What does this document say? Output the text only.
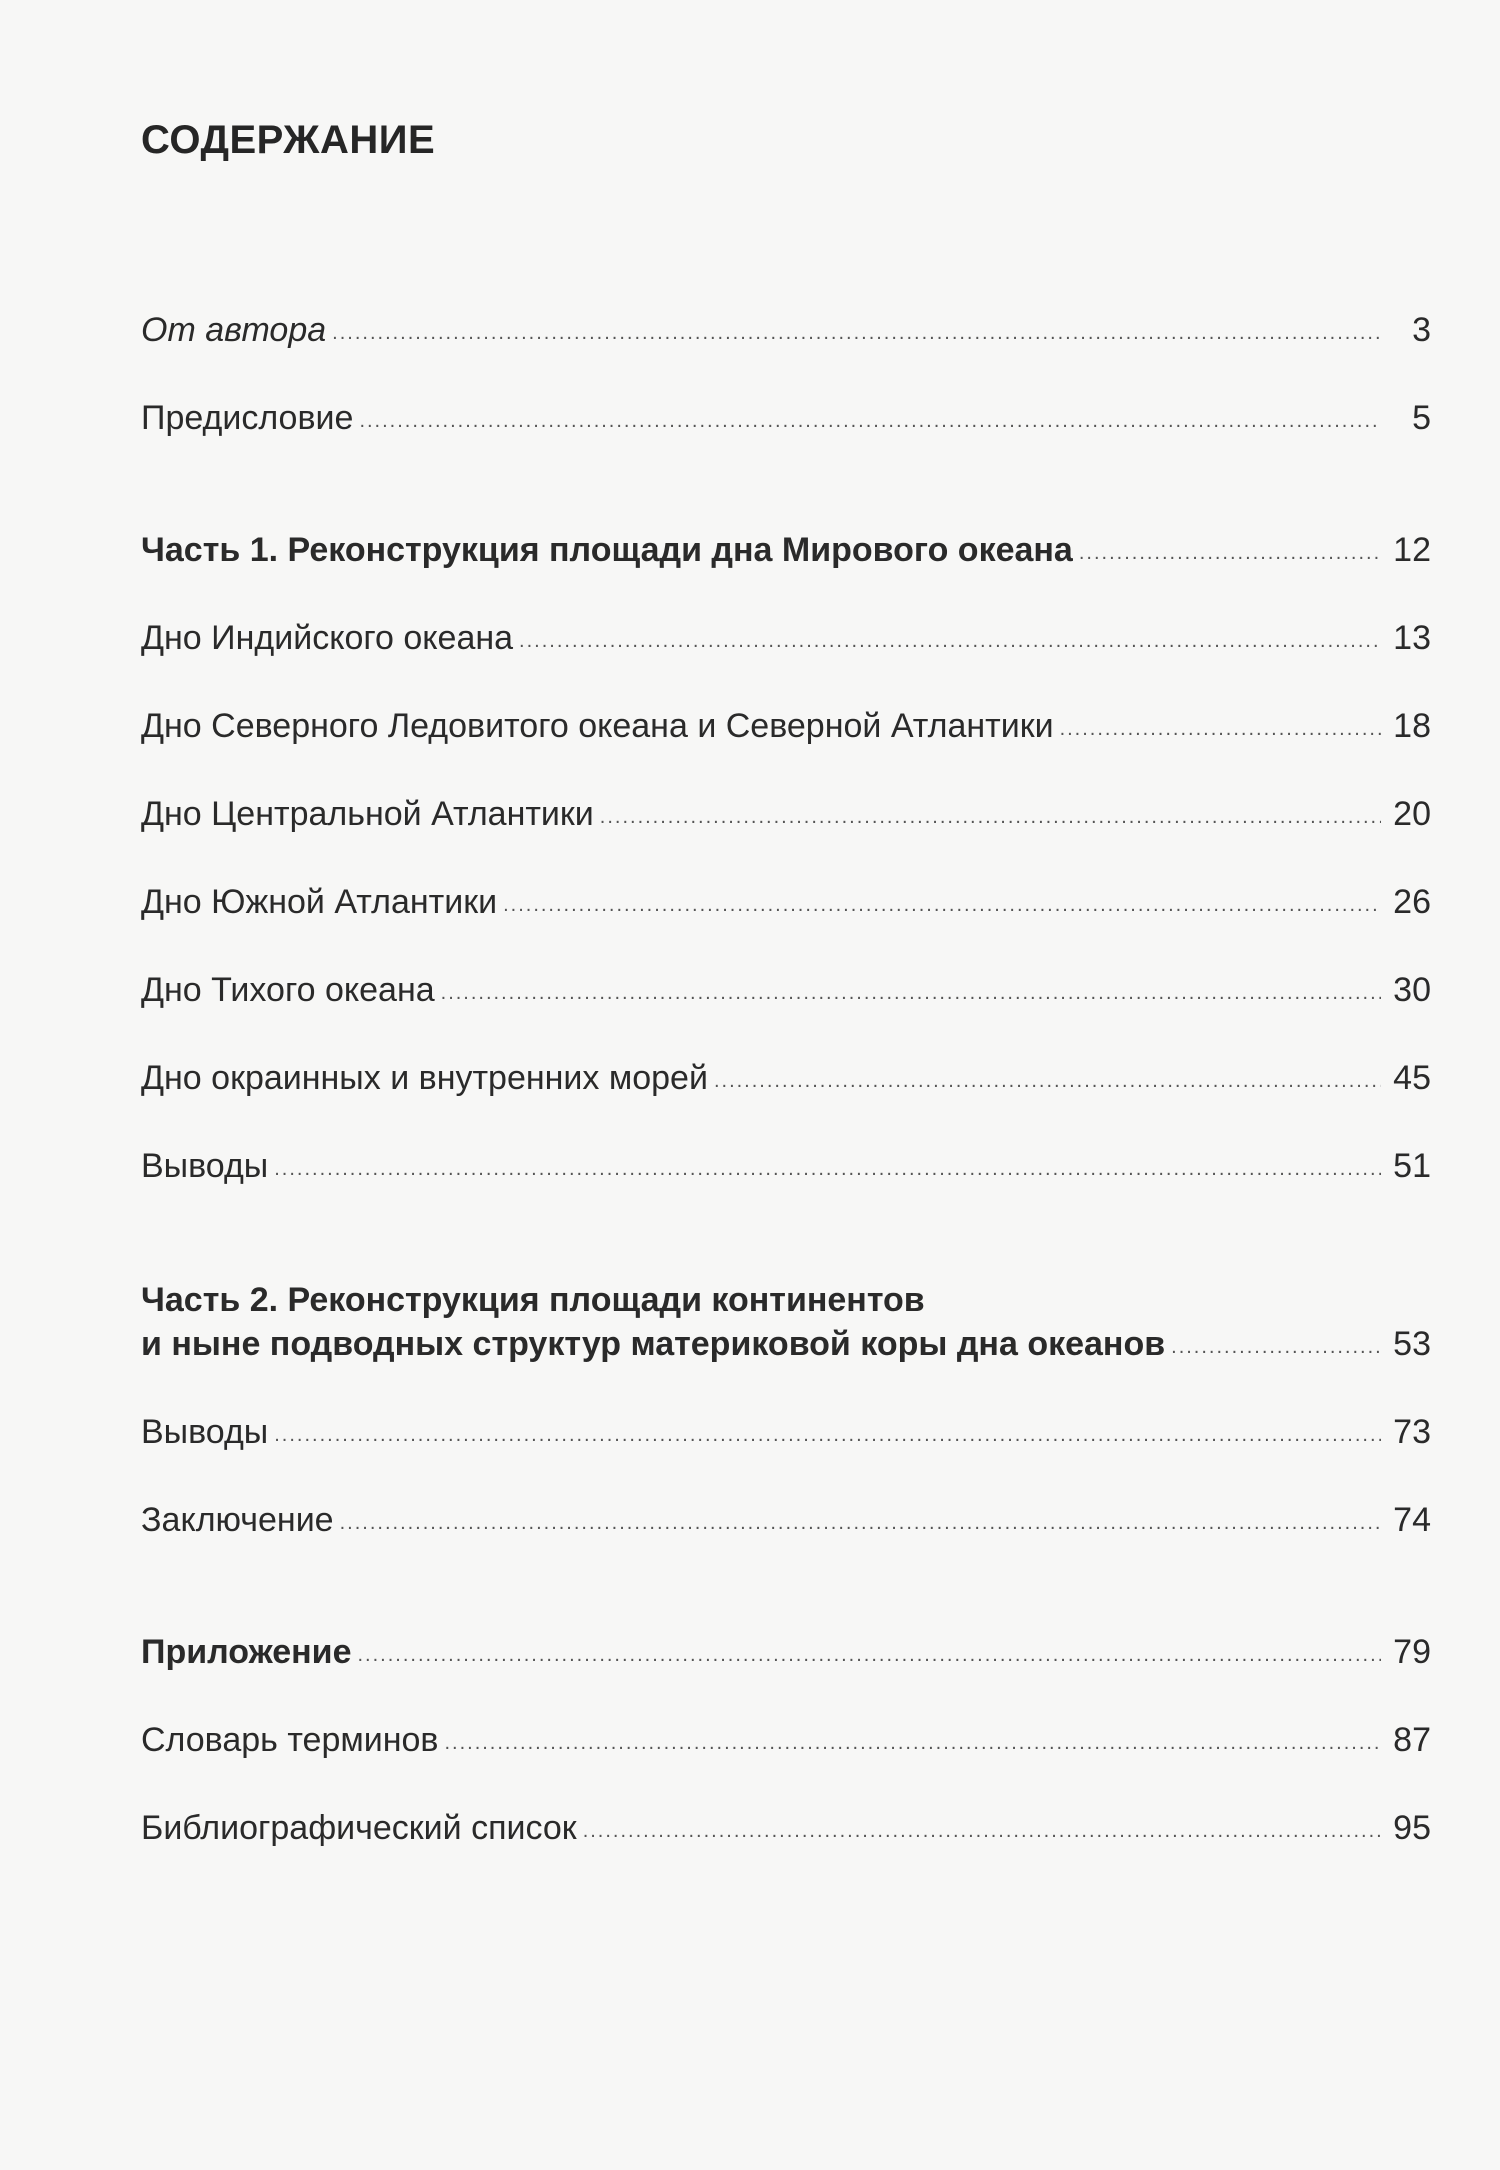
СОДЕРЖАНИЕ
От автора .....	3
Предисловие .....	5
Часть 1. Реконструкция площади дна Мирового океана .....	12
Дно Индийского океана .....	13
Дно Северного Ледовитого океана и Северной Атлантики .....	18
Дно Центральной Атлантики .....	20
Дно Южной Атлантики .....	26
Дно Тихого океана .....	30
Дно окраинных и внутренних морей .....	45
Выводы .....	51
Часть 2. Реконструкция площади континентов
и ныне подводных структур материковой коры дна океанов .....	53
Выводы .....	73
Заключение .....	74
Приложение .....	79
Словарь терминов .....	87
Библиографический список .....	95
